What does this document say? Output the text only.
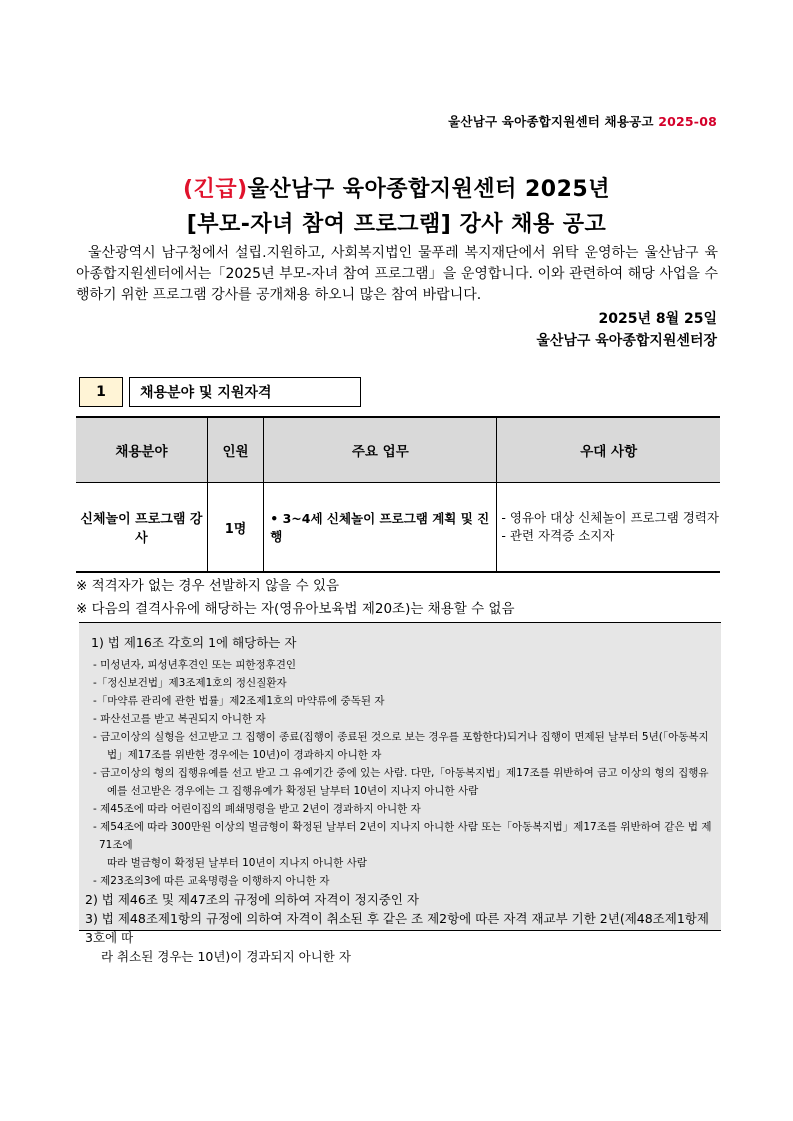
울산남구 육아종합지원센터 채용공고 2025-08
(긴급)울산남구 육아종합지원센터 2025년
[부모-자녀 참여 프로그램] 강사 채용 공고

울산광역시 남구청에서 설립.지원하고, 사회복지법인 물푸레 복지재단에서 위탁 운영하는 울산남구 육아종합지원센터에서는「2025년 부모-자녀 참여 프로그램」을 운영합니다. 이와 관련하여 해당 사업을 수행하기 위한 프로그램 강사를 공개채용 하오니 많은 참여 바랍니다.

2025년 8월 25일
울산남구 육아종합지원센터장
1	채용분야 및 지원자격
채용분야	인원	주요 업무	우대 사항
신체놀이 프로그램 강사	1명	• 3~4세 신체놀이 프로그램 계획 및 진행	- 영유아 대상 신체놀이 프로그램 경력자
- 관련 자격증 소지자
※ 적격자가 없는 경우 선발하지 않을 수 있음
※ 다음의 결격사유에 해당하는 자(영유아보육법 제20조)는 채용할 수 없음
1) 법 제16조 각호의 1에 해당하는 자
- 미성년자, 피성년후견인 또는 피한정후견인
-「정신보건법」제3조제1호의 정신질환자
-「마약류 관리에 관한 법률」제2조제1호의 마약류에 중독된 자
- 파산선고를 받고 복권되지 아니한 자
- 금고이상의 실형을 선고받고 그 집행이 종료(집행이 종료된 것으로 보는 경우를 포함한다)되거나 집행이 면제된 날부터 5년(「아동복지
법」제17조를 위반한 경우에는 10년)이 경과하지 아니한 자
- 금고이상의 형의 집행유예를 선고 받고 그 유예기간 중에 있는 사람. 다만,「아동복지법」제17조를 위반하여 금고 이상의 형의 집행유
예를 선고받은 경우에는 그 집행유예가 확정된 날부터 10년이 지나지 아니한 사람
- 제45조에 따라 어린이집의 폐쇄명령을 받고 2년이 경과하지 아니한 자
- 제54조에 따라 300만원 이상의 벌금형이 확정된 날부터 2년이 지나지 아니한 사람 또는「아동복지법」제17조를 위반하여 같은 법 제71조에
따라 벌금형이 확정된 날부터 10년이 지나지 아니한 사람
- 제23조의3에 따른 교육명령을 이행하지 아니한 자
2) 법 제46조 및 제47조의 규정에 의하여 자격이 정지중인 자
3) 법 제48조제1항의 규정에 의하여 자격이 취소된 후 같은 조 제2항에 따른 자격 재교부 기한 2년(제48조제1항제3호에 따
라 취소된 경우는 10년)이 경과되지 아니한 자
